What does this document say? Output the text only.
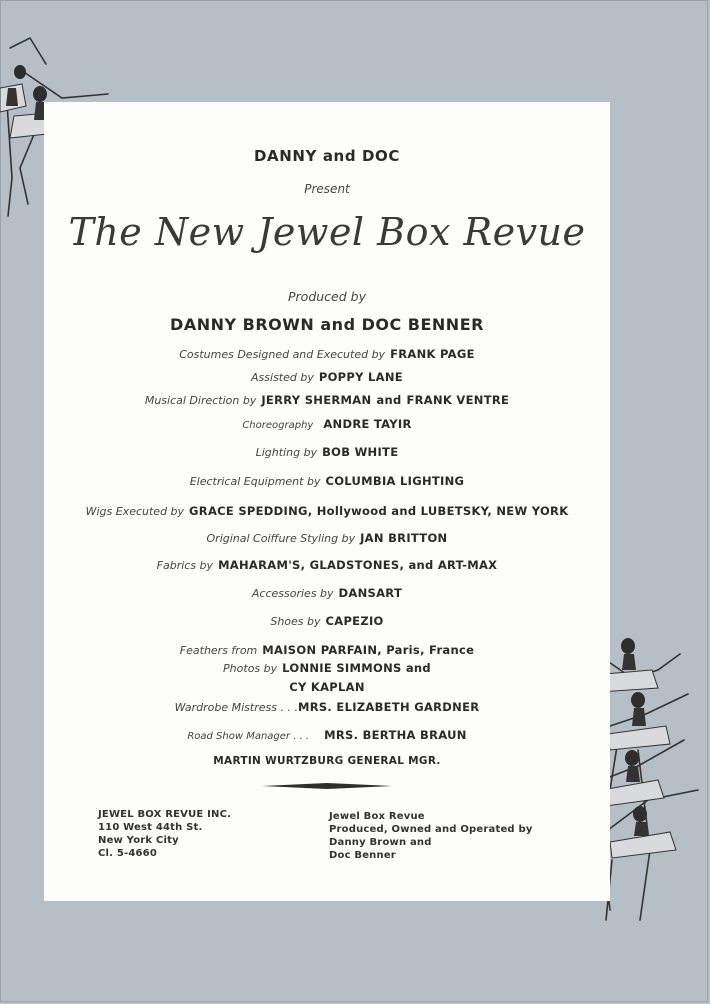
DANNY and DOC
Present
The New Jewel Box Revue
Produced by
DANNY BROWN and DOC BENNER
Costumes Designed and Executed by FRANK PAGE
Assisted by POPPY LANE
Musical Direction by JERRY SHERMAN and FRANK VENTRE
Choreography ANDRE TAYIR
Lighting by BOB WHITE
Electrical Equipment by COLUMBIA LIGHTING
Wigs Executed by GRACE SPEDDING, Hollywood and LUBETSKY, NEW YORK
Original Coiffure Styling by JAN BRITTON
Fabrics by MAHARAM'S, GLADSTONES, and ART-MAX
Accessories by DANSART
Shoes by CAPEZIO
Feathers from MAISON PARFAIN, Paris, France
Photos by LONNIE SIMMONS and
CY KAPLAN
Wardrobe Mistress . . .MRS. ELIZABETH GARDNER
Road Show Manager . . . MRS. BERTHA BRAUN
MARTIN WURTZBURG GENERAL MGR.
JEWEL BOX REVUE INC.
110 West 44th St.
New York City
Cl. 5-4660
Jewel Box Revue
Produced, Owned and Operated by
Danny Brown and
Doc Benner
